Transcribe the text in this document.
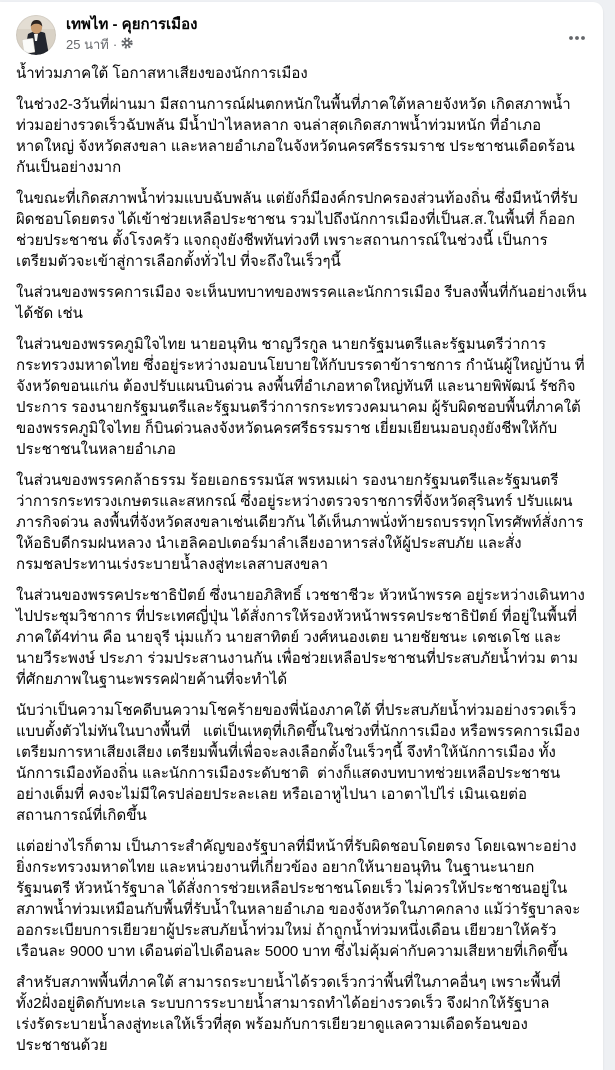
เทพไท - คุยการเมือง
25 นาที ·

น้ำท่วมภาคใต้ โอกาสหาเสียงของนักการเมือง

ในช่วง2-3วันที่ผ่านมา มีสถานการณ์ฝนตกหนักในพื้นที่ภาคใต้หลายจังหวัด เกิดสภาพน้ำท่วมอย่างรวดเร็วฉับพลัน มีน้ำป่าไหลหลาก จนล่าสุดเกิดสภาพน้ำท่วมหนัก ที่อำเภอหาดใหญ่ จังหวัดสงขลา และหลายอำเภอในจังหวัดนครศรีธรรมราช ประชาชนเดือดร้อนกันเป็นอย่างมาก

ในขณะที่เกิดสภาพน้ำท่วมแบบฉับพลัน แต่ยังก็มีองค์กรปกครองส่วนท้องถิ่น ซึ่งมีหน้าที่รับผิดชอบโดยตรง ได้เข้าช่วยเหลือประชาชน รวมไปถึงนักการเมืองที่เป็นส.ส.ในพื้นที่ ก็ออกช่วยประชาชน ตั้งโรงครัว แจกถุงยังชีพทันท่วงที เพราะสถานการณ์ในช่วงนี้ เป็นการเตรียมตัวจะเข้าสู่การเลือกตั้งทั่วไป ที่จะถึงในเร็วๆนี้

ในส่วนของพรรคการเมือง จะเห็นบทบาทของพรรคและนักการเมือง รีบลงพื้นที่กันอย่างเห็นได้ชัด เช่น

ในส่วนของพรรคภูมิใจไทย นายอนุทิน ชาญวีรกูล นายกรัฐมนตรีและรัฐมนตรีว่าการกระทรวงมหาดไทย ซึ่งอยู่ระหว่างมอบนโยบายให้กับบรรดาข้าราชการ กำนันผู้ใหญ่บ้าน ที่จังหวัดขอนแก่น ต้องปรับแผนบินด่วน ลงพื้นที่อำเภอหาดใหญ่ทันที และนายพิพัฒน์ รัชกิจประการ รองนายกรัฐมนตรีและรัฐมนตรีว่าการกระทรวงคมนาคม ผู้รับผิดชอบพื้นที่ภาคใต้ของพรรคภูมิใจไทย ก็บินด่วนลงจังหวัดนครศรีธรรมราช เยี่ยมเยียนมอบถุงยังชีพให้กับประชาชนในหลายอำเภอ

ในส่วนของพรรคกล้าธรรม ร้อยเอกธรรมนัส พรหมเผ่า รองนายกรัฐมนตรีและรัฐมนตรีว่าการกระทรวงเกษตรและสหกรณ์ ซึ่งอยู่ระหว่างตรวจราชการที่จังหวัดสุรินทร์ ปรับแผนภารกิจด่วน ลงพื้นที่จังหวัดสงขลาเช่นเดียวกัน ได้เห็นภาพนั่งท้ายรถบรรทุกโทรศัพท์สั่งการให้อธิบดีกรมฝนหลวง นำเฮลิคอปเตอร์มาลำเลียงอาหารส่งให้ผู้ประสบภัย และสั่งกรมชลประทานเร่งระบายน้ำลงสู่ทะเลสาบสงขลา

ในส่วนของพรรคประชาธิปัตย์ ซึ่งนายอภิสิทธิ์ เวชชาชีวะ หัวหน้าพรรค อยู่ระหว่างเดินทางไปประชุมวิชาการ ที่ประเทศญี่ปุ่น ได้สั่งการให้รองหัวหน้าพรรคประชาธิปัตย์ ที่อยู่ในพื้นที่ภาคใต้4ท่าน คือ นายจุรี นุ่มแก้ว นายสาทิตย์ วงศ์หนองเตย นายชัยชนะ เดชเดโช และนายวีระพงษ์ ประภา ร่วมประสานงานกัน เพื่อช่วยเหลือประชาชนที่ประสบภัยน้ำท่วม ตามที่ศักยภาพในฐานะพรรคฝ่ายค้านที่จะทำได้

นับว่าเป็นความโชคดีบนความโชคร้ายของพี่น้องภาคใต้ ที่ประสบภัยน้ำท่วมอย่างรวดเร็ว แบบตั้งตัวไม่ทันในบางพื้นที่   แต่เป็นเหตุที่เกิดขึ้นในช่วงที่นักการเมือง หรือพรรคการเมืองเตรียมการหาเสียงเสียง เตรียมพื้นที่เพื่อจะลงเลือกตั้งในเร็วๆนี้ จึงทำให้นักการเมือง ทั้งนักการเมืองท้องถิ่น และนักการเมืองระดับชาติ  ต่างก็แสดงบทบาทช่วยเหลือประชาชนอย่างเต็มที่ คงจะไม่มีใครปล่อยประละเลย หรือเอาหูไปนา เอาตาไปไร่ เมินเฉยต่อสถานการณ์ที่เกิดขึ้น

แต่อย่างไรก็ตาม เป็นภาระสำคัญของรัฐบาลที่มีหน้าที่รับผิดชอบโดยตรง โดยเฉพาะอย่างยิ่งกระทรวงมหาดไทย และหน่วยงานที่เกี่ยวข้อง อยากให้นายอนุทิน ในฐานะนายกรัฐมนตรี หัวหน้ารัฐบาล ได้สั่งการช่วยเหลือประชาชนโดยเร็ว ไม่ควรให้ประชาชนอยู่ในสภาพน้ำท่วมเหมือนกับพื้นที่รับน้ำในหลายอำเภอ ของจังหวัดในภาคกลาง แม้ว่ารัฐบาลจะออกระเบียบการเยียวยาผู้ประสบภัยน้ำท่วมใหม่ ถ้าถูกน้ำท่วมหนึ่งเดือน เยียวยาให้ครัวเรือนละ 9000 บาท เดือนต่อไปเดือนละ 5000 บาท ซึ่งไม่คุ้มค่ากับความเสียหายที่เกิดขึ้น

สำหรับสภาพพื้นที่ภาคใต้ สามารถระบายน้ำได้รวดเร็วกว่าพื้นที่ในภาคอื่นๆ เพราะพื้นที่ทั้ง2ฝั่งอยู่ติดกับทะเล ระบบการระบายน้ำสามารถทำได้อย่างรวดเร็ว จึงฝากให้รัฐบาลเร่งรัดระบายน้ำลงสู่ทะเลให้เร็วที่สุด พร้อมกับการเยียวยาดูแลความเดือดร้อนของประชาชนด้วย
